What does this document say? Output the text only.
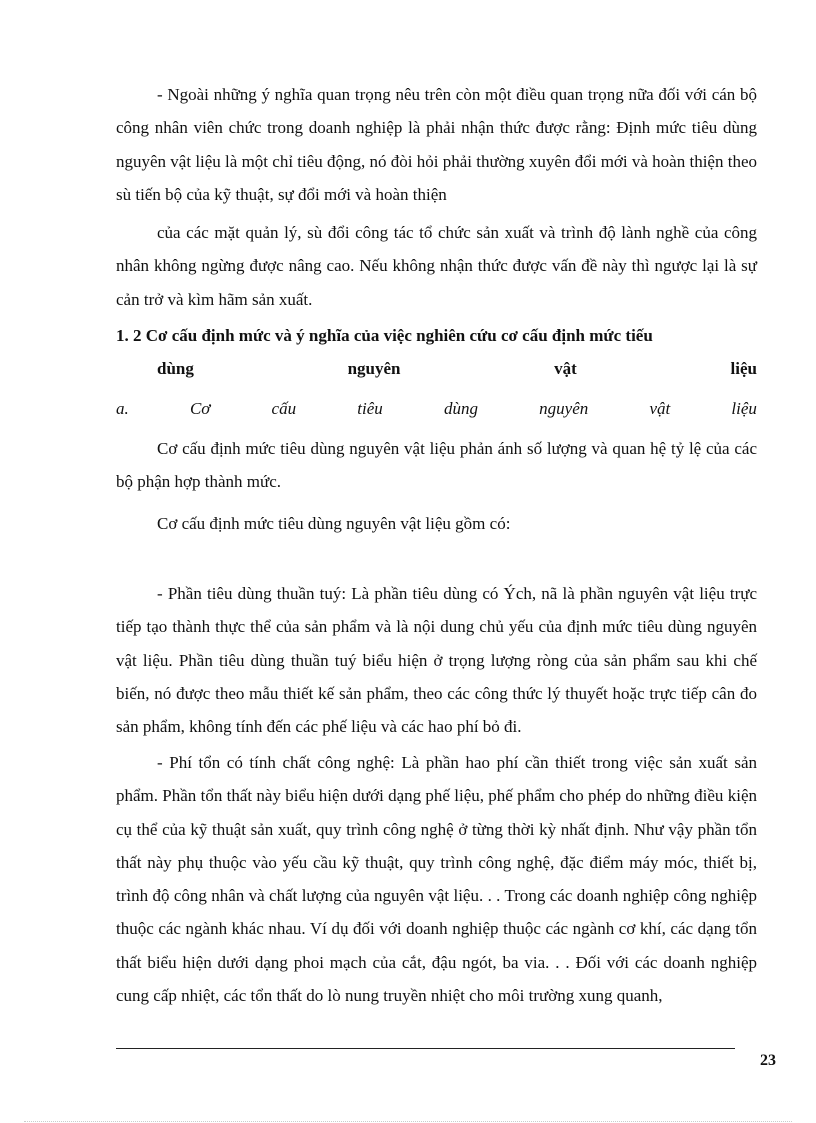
- Ngoài những ý nghĩa quan trọng nêu trên còn một điều quan trọng nữa đối với cán bộ công nhân viên chức trong doanh nghiệp là phải nhận thức được rằng: Định mức tiêu dùng nguyên vật liệu là một chỉ tiêu động, nó đòi hỏi phải thường xuyên đổi mới và hoàn thiện theo sù tiến bộ của kỹ thuật, sự đổi mới và hoàn thiện

của các mặt quản lý, sù đổi công tác tổ chức sản xuất và trình độ lành nghề của công nhân không ngừng được nâng cao. Nếu không nhận thức được vấn đề này thì ngược lại là sự cản trở và kìm hãm sản xuất.

1. 2 Cơ cấu định mức và ý nghĩa của việc nghiên cứu cơ cấu định mức tiếu

dùng	nguyên	vật	liệu
a.	Cơ	cấu	tiêu	dùng	nguyên	vật	liệu

Cơ cấu định mức tiêu dùng nguyên vật liệu phản ánh số lượng và quan hệ tỷ lệ của các bộ phận hợp thành mức.

Cơ cấu định mức tiêu dùng nguyên vật liệu gồm có:

- Phần tiêu dùng thuần tuý: Là phần tiêu dùng có Ých, nã là phần nguyên vật liệu trực tiếp tạo thành thực thể của sản phẩm và là nội dung chủ yếu của định mức tiêu dùng nguyên vật liệu. Phần tiêu dùng thuần tuý biểu hiện ở trọng lượng ròng của sản phẩm sau khi chế biến, nó được theo mẫu thiết kế sản phẩm, theo các công thức lý thuyết hoặc trực tiếp cân đo sản phẩm, không tính đến các phế liệu và các hao phí bỏ đi.

- Phí tổn có tính chất công nghệ: Là phần hao phí cần thiết trong việc sản xuất sản phẩm. Phần tổn thất này biểu hiện dưới dạng phế liệu, phế phẩm cho phép do những điều kiện cụ thể của kỹ thuật sản xuất, quy trình công nghệ ở từng thời kỳ nhất định. Như vậy phần tổn thất này phụ thuộc vào yếu cầu kỹ thuật, quy trình công nghệ, đặc điểm máy móc, thiết bị, trình độ công nhân và chất lượng của nguyên vật liệu. . . Trong các doanh nghiệp công nghiệp thuộc các ngành khác nhau. Ví dụ đối với doanh nghiệp thuộc các ngành cơ khí, các dạng tổn thất biểu hiện dưới dạng phoi mạch của cắt, đậu ngót, ba via. . . Đối với các doanh nghiệp cung cấp nhiệt, các tổn thất do lò nung truyền nhiệt cho môi trường xung quanh,

23
